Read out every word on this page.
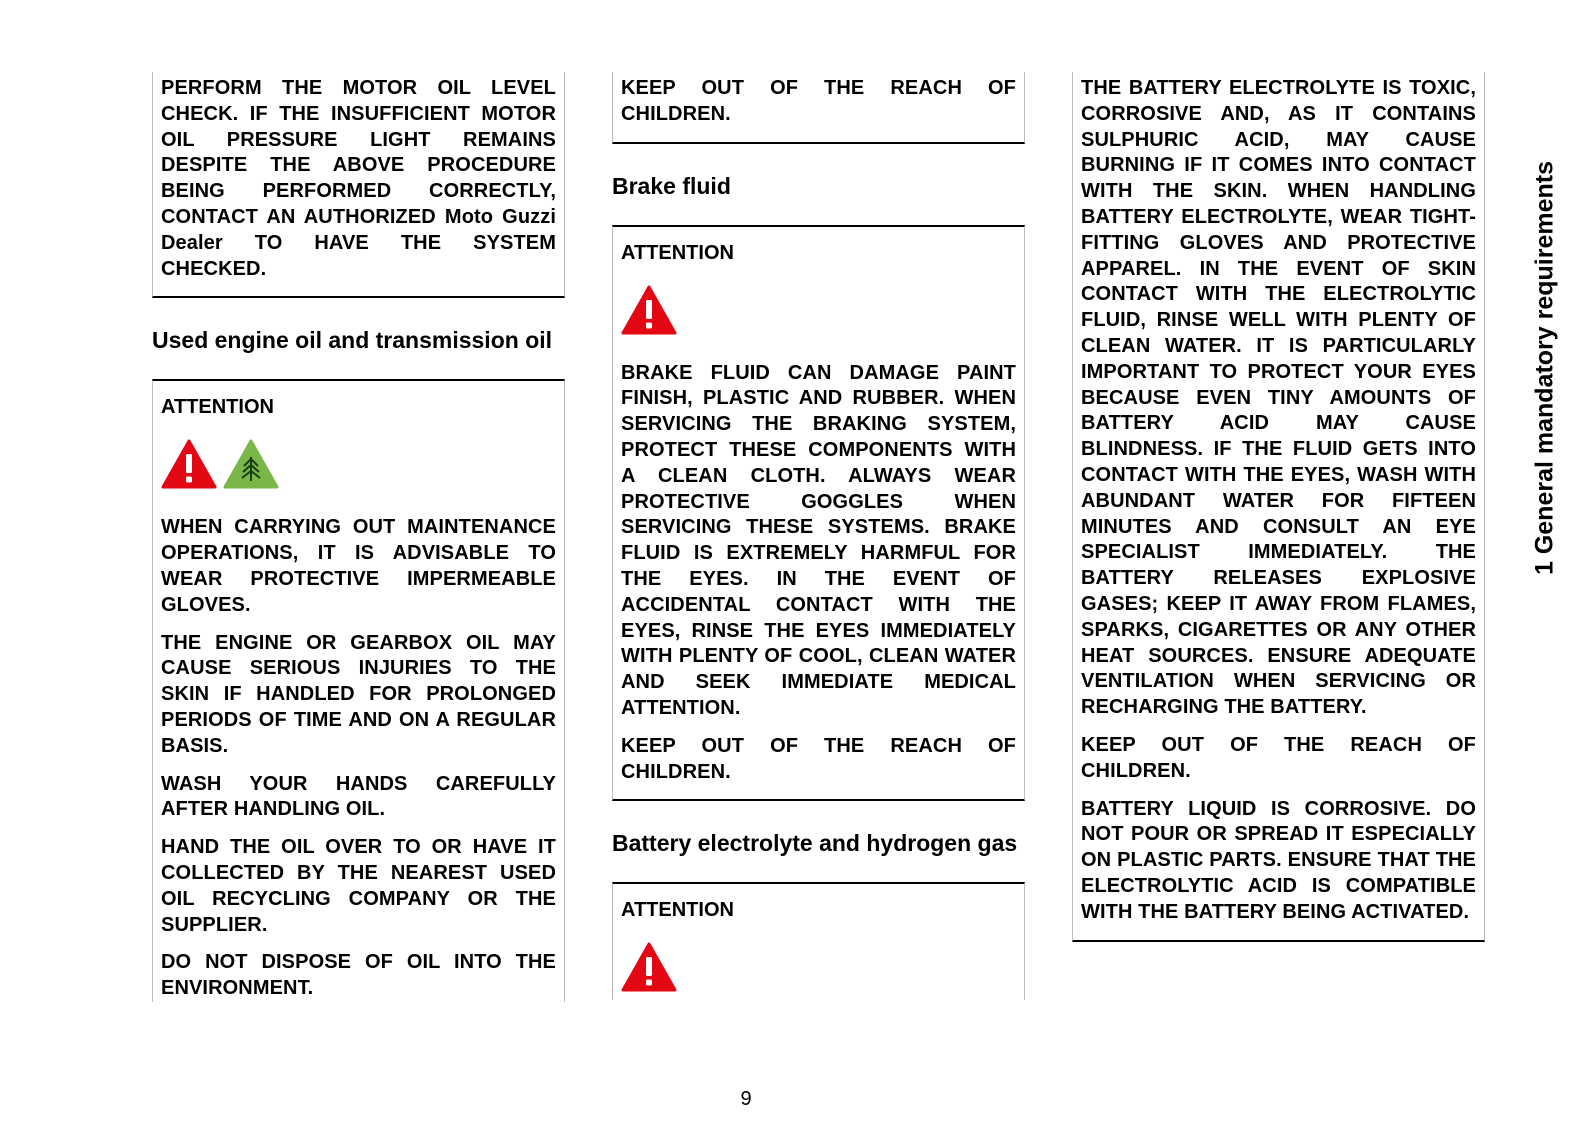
PERFORM THE MOTOR OIL LEVEL CHECK. IF THE INSUFFICIENT MOTOR OIL PRESSURE LIGHT REMAINS DESPITE THE ABOVE PROCEDURE BEING PERFORMED CORRECTLY, CONTACT AN AUTHORIZED Moto Guzzi Dealer TO HAVE THE SYSTEM CHECKED.

Used engine oil and transmission oil
ATTENTION

WHEN CARRYING OUT MAINTENANCE OPERATIONS, IT IS ADVISABLE TO WEAR PROTECTIVE IMPERMEABLE GLOVES.

THE ENGINE OR GEARBOX OIL MAY CAUSE SERIOUS INJURIES TO THE SKIN IF HANDLED FOR PROLONGED PERIODS OF TIME AND ON A REGULAR BASIS.

WASH YOUR HANDS CAREFULLY AFTER HANDLING OIL.

HAND THE OIL OVER TO OR HAVE IT COLLECTED BY THE NEAREST USED OIL RECYCLING COMPANY OR THE SUPPLIER.

DO NOT DISPOSE OF OIL INTO THE ENVIRONMENT.

KEEP OUT OF THE REACH OF CHILDREN.

Brake fluid
ATTENTION

BRAKE FLUID CAN DAMAGE PAINT FINISH, PLASTIC AND RUBBER. WHEN SERVICING THE BRAKING SYSTEM, PROTECT THESE COMPONENTS WITH A CLEAN CLOTH. ALWAYS WEAR PROTECTIVE GOGGLES WHEN SERVICING THESE SYSTEMS. BRAKE FLUID IS EXTREMELY HARMFUL FOR THE EYES. IN THE EVENT OF ACCIDENTAL CONTACT WITH THE EYES, RINSE THE EYES IMMEDIATELY WITH PLENTY OF COOL, CLEAN WATER AND SEEK IMMEDIATE MEDICAL ATTENTION.

KEEP OUT OF THE REACH OF CHILDREN.

Battery electrolyte and hydrogen gas
ATTENTION

THE BATTERY ELECTROLYTE IS TOXIC, CORROSIVE AND, AS IT CONTAINS SULPHURIC ACID, MAY CAUSE BURNING IF IT COMES INTO CONTACT WITH THE SKIN. WHEN HANDLING BATTERY ELECTROLYTE, WEAR TIGHT-FITTING GLOVES AND PROTECTIVE APPAREL. IN THE EVENT OF SKIN CONTACT WITH THE ELECTROLYTIC FLUID, RINSE WELL WITH PLENTY OF CLEAN WATER. IT IS PARTICULARLY IMPORTANT TO PROTECT YOUR EYES BECAUSE EVEN TINY AMOUNTS OF BATTERY ACID MAY CAUSE BLINDNESS. IF THE FLUID GETS INTO CONTACT WITH THE EYES, WASH WITH ABUNDANT WATER FOR FIFTEEN MINUTES AND CONSULT AN EYE SPECIALIST IMMEDIATELY. THE BATTERY RELEASES EXPLOSIVE GASES; KEEP IT AWAY FROM FLAMES, SPARKS, CIGARETTES OR ANY OTHER HEAT SOURCES. ENSURE ADEQUATE VENTILATION WHEN SERVICING OR RECHARGING THE BATTERY.

KEEP OUT OF THE REACH OF CHILDREN.

BATTERY LIQUID IS CORROSIVE. DO NOT POUR OR SPREAD IT ESPECIALLY ON PLASTIC PARTS. ENSURE THAT THE ELECTROLYTIC ACID IS COMPATIBLE WITH THE BATTERY BEING ACTIVATED.

1 General mandatory requirements
9
